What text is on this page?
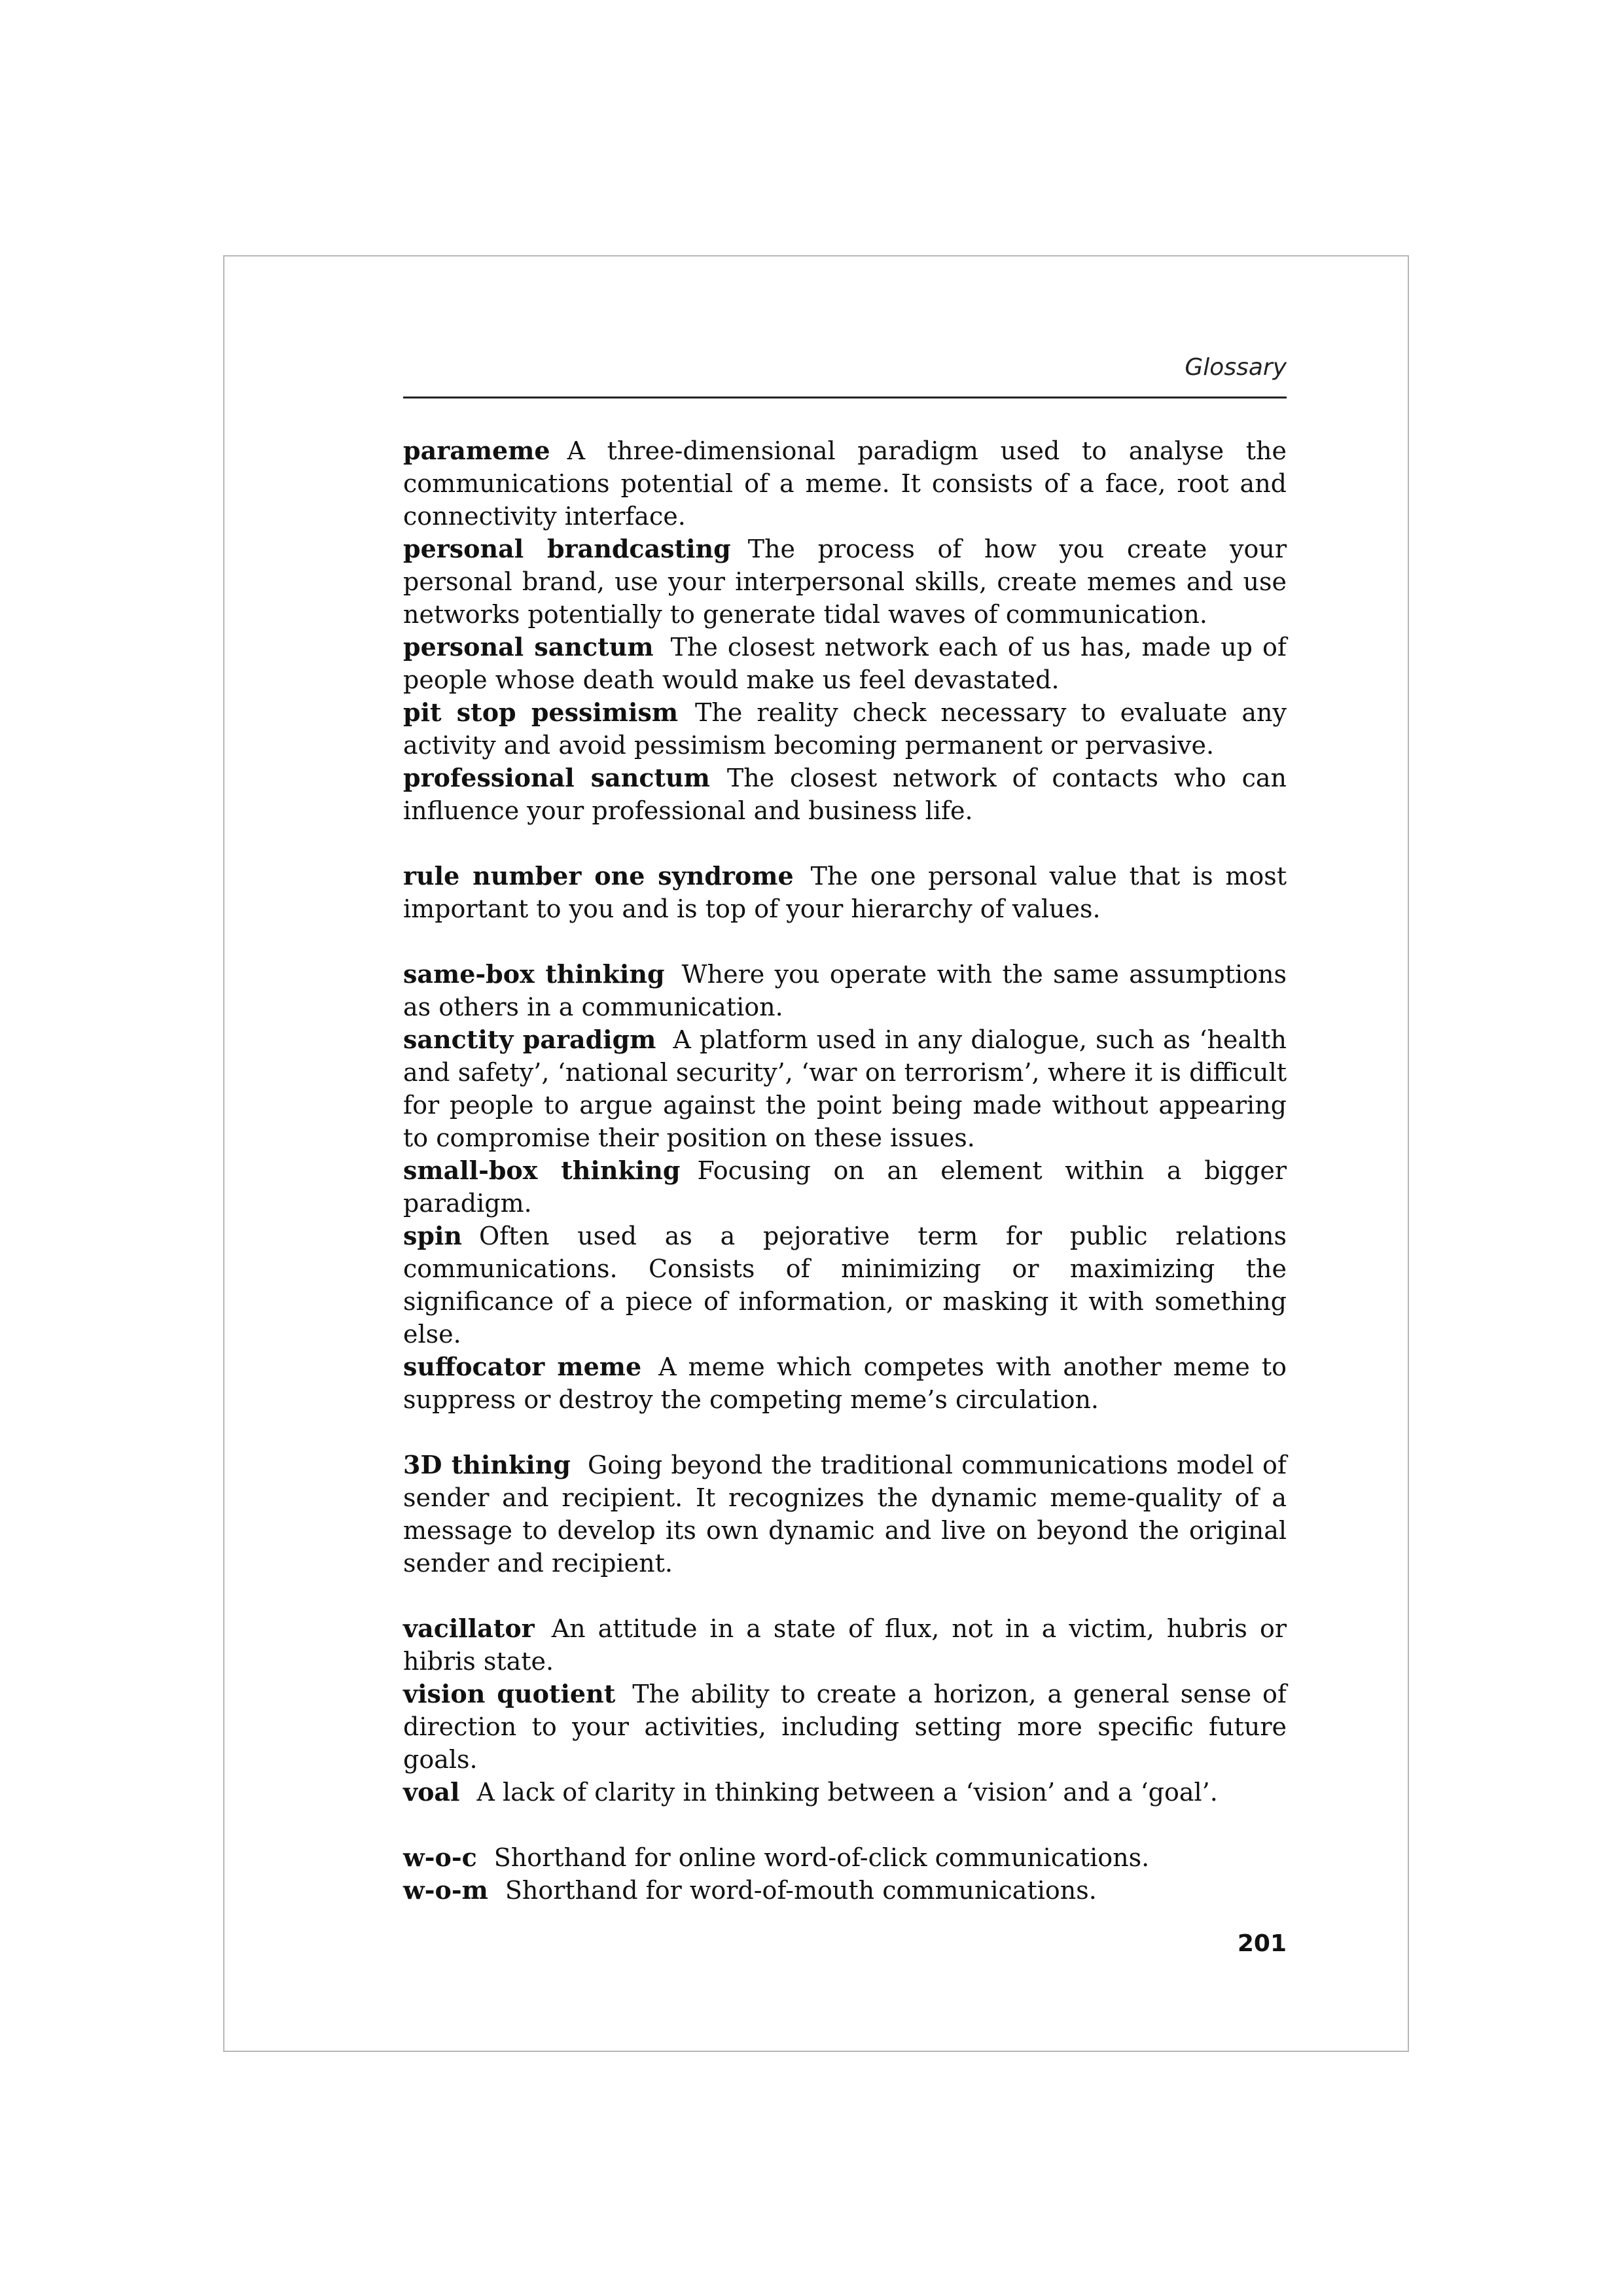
Glossary

parameme A three-dimensional paradigm used to analyse the communications potential of a meme. It consists of a face, root and connectivity interface.

personal brandcasting The process of how you create your personal brand, use your interpersonal skills, create memes and use networks potentially to generate tidal waves of communication.

personal sanctum The closest network each of us has, made up of people whose death would make us feel devastated.

pit stop pessimism The reality check necessary to evaluate any activity and avoid pessimism becoming permanent or pervasive.

professional sanctum The closest network of contacts who can influence your professional and business life.

rule number one syndrome The one personal value that is most important to you and is top of your hierarchy of values.

same-box thinking Where you operate with the same assumptions as others in a communication.

sanctity paradigm A platform used in any dialogue, such as ‘health and safety’, ‘national security’, ‘war on terrorism’, where it is difficult for people to argue against the point being made without appearing to compromise their position on these issues.

small-box thinking Focusing on an element within a bigger paradigm.

spin Often used as a pejorative term for public relations communications. Consists of minimizing or maximizing the significance of a piece of information, or masking it with something else.

suffocator meme A meme which competes with another meme to suppress or destroy the competing meme’s circulation.

3D thinking Going beyond the traditional communications model of sender and recipient. It recognizes the dynamic meme-quality of a message to develop its own dynamic and live on beyond the original sender and recipient.

vacillator An attitude in a state of flux, not in a victim, hubris or hibris state.

vision quotient The ability to create a horizon, a general sense of direction to your activities, including setting more specific future goals.

voal A lack of clarity in thinking between a ‘vision’ and a ‘goal’.

w-o-c Shorthand for online word-of-click communications.

w-o-m Shorthand for word-of-mouth communications.

201
